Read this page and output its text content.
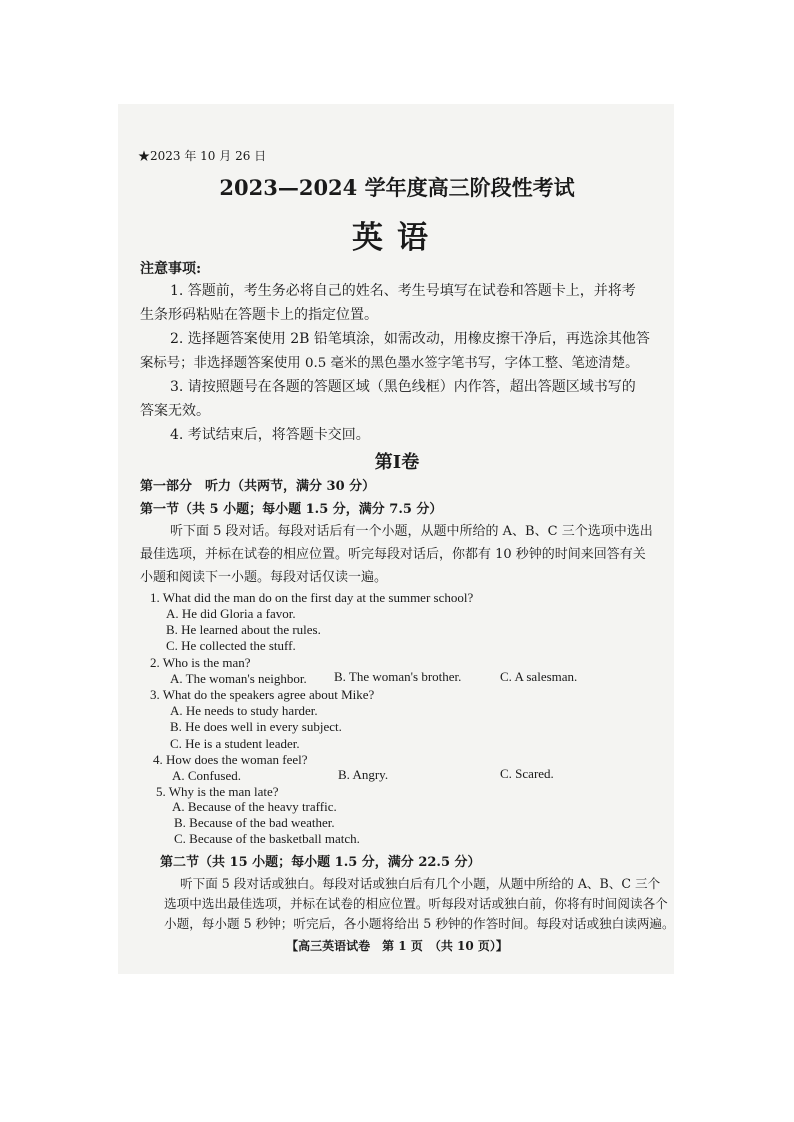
★2023 年 10 月 26 日
2023—2024 学年度高三阶段性考试
英语
注意事项:
1. 答题前，考生务必将自己的姓名、考生号填写在试卷和答题卡上，并将考
生条形码粘贴在答题卡上的指定位置。
2. 选择题答案使用 2B 铅笔填涂，如需改动，用橡皮擦干净后，再选涂其他答
案标号；非选择题答案使用 0.5 毫米的黑色墨水签字笔书写，字体工整、笔迹清楚。
3. 请按照题号在各题的答题区域（黑色线框）内作答，超出答题区域书写的
答案无效。
4. 考试结束后，将答题卡交回。
第Ⅰ卷
第一部分　听力（共两节，满分 30 分）
第一节（共 5 小题；每小题 1.5 分，满分 7.5 分）
听下面 5 段对话。每段对话后有一个小题，从题中所给的 A、B、C 三个选项中选出
最佳选项，并标在试卷的相应位置。听完每段对话后，你都有 10 秒钟的时间来回答有关
小题和阅读下一小题。每段对话仅读一遍。
1. What did the man do on the first day at the summer school?
A. He did Gloria a favor.
B. He learned about the rules.
C. He collected the stuff.
2. Who is the man?
A. The woman's neighbor. B. The woman's brother.	C. A salesman.
3. What do the speakers agree about Mike?
A. He needs to study harder.
B. He does well in every subject.
C. He is a student leader.
4. How does the woman feel?
A. Confused.	B. Angry.	C. Scared.
5. Why is the man late?
A. Because of the heavy traffic.
B. Because of the bad weather.
C. Because of the basketball match.
第二节（共 15 小题；每小题 1.5 分，满分 22.5 分）
听下面 5 段对话或独白。每段对话或独白后有几个小题，从题中所给的 A、B、C 三个
选项中选出最佳选项，并标在试卷的相应位置。听每段对话或独白前，你将有时间阅读各个
小题，每小题 5 秒钟；听完后，各小题将给出 5 秒钟的作答时间。每段对话或独白读两遍。
【高三英语试卷　第 1 页　（共 10 页）】
